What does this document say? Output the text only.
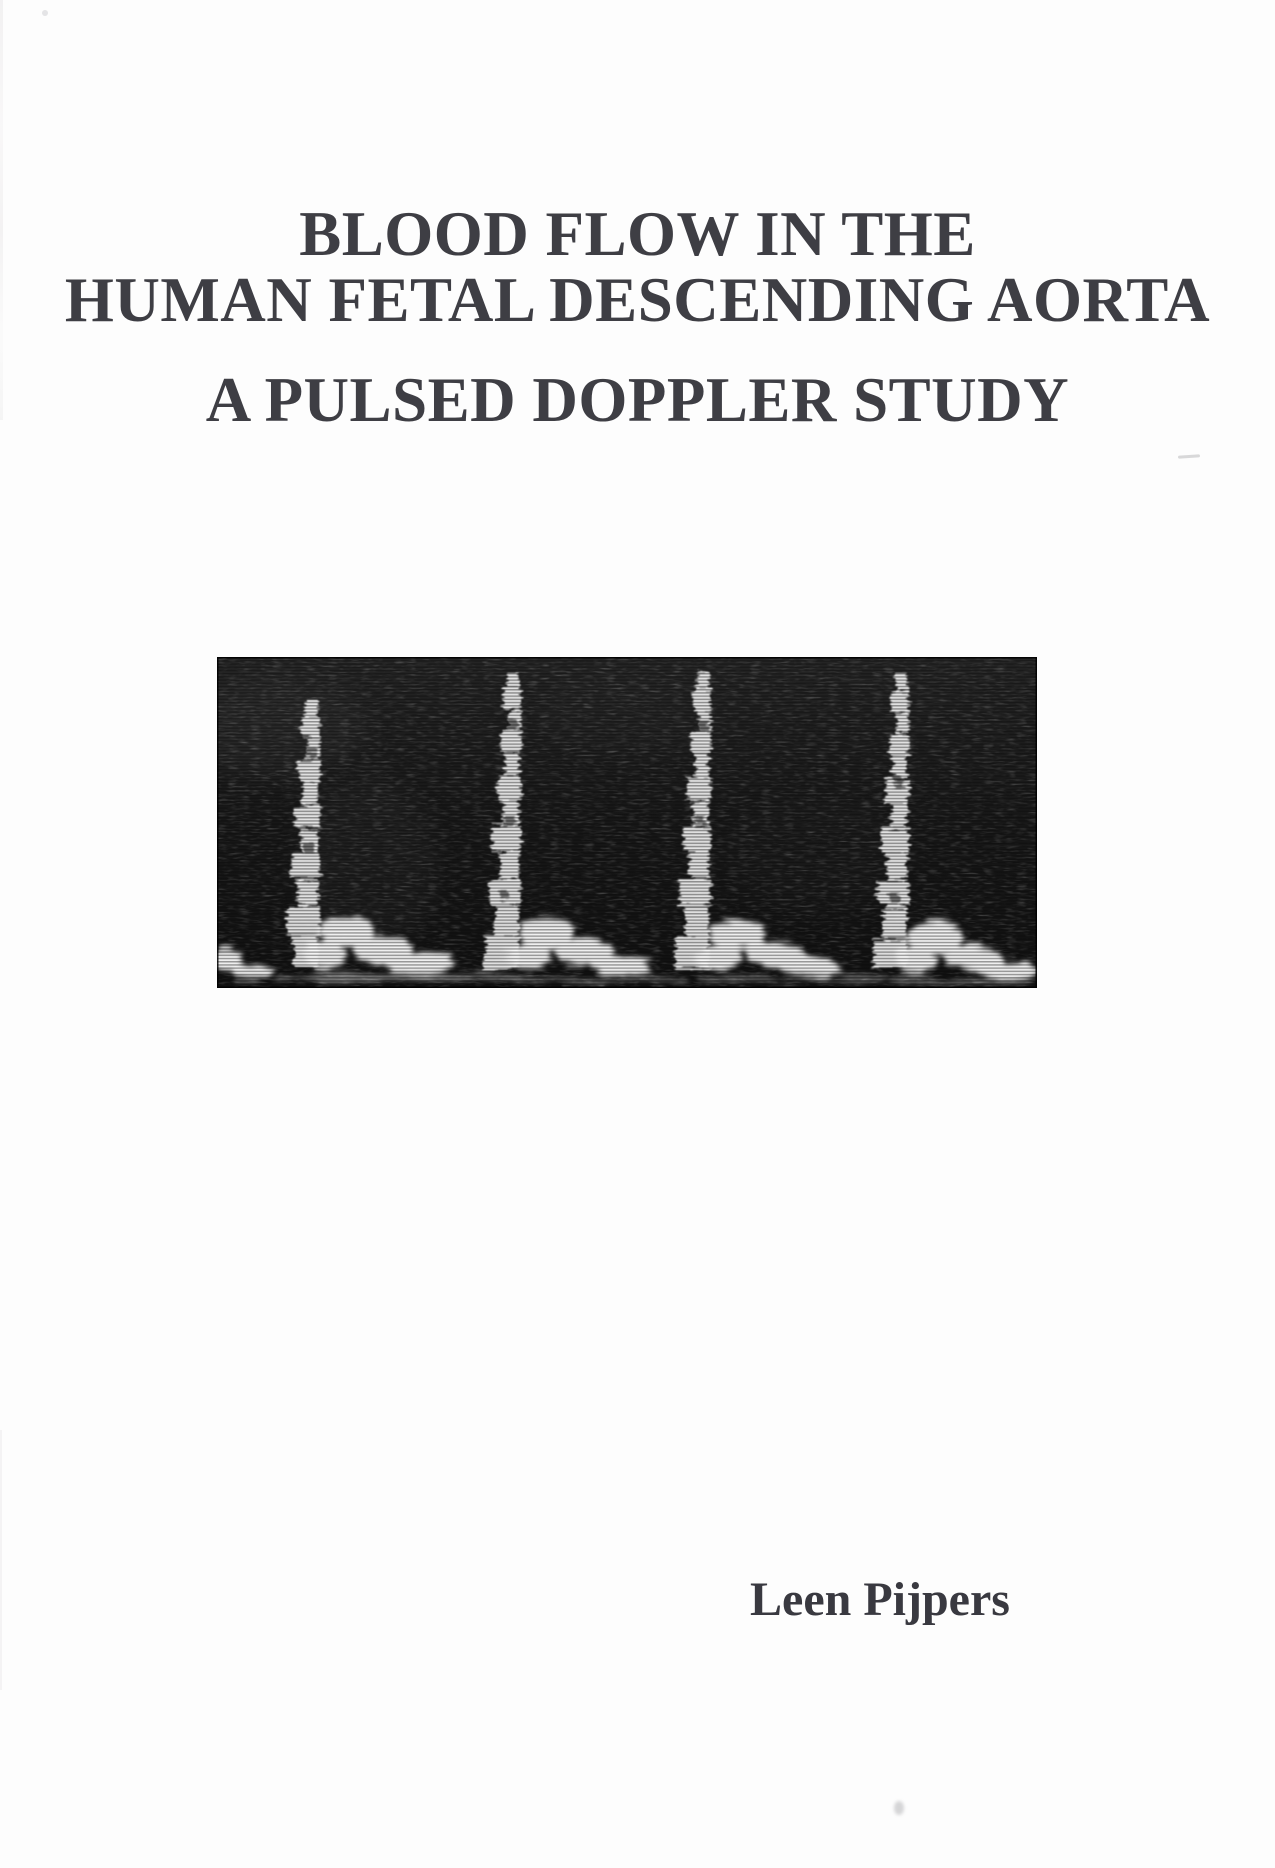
BLOOD FLOW IN THE
HUMAN FETAL DESCENDING AORTA
A PULSED DOPPLER STUDY
Leen Pijpers
